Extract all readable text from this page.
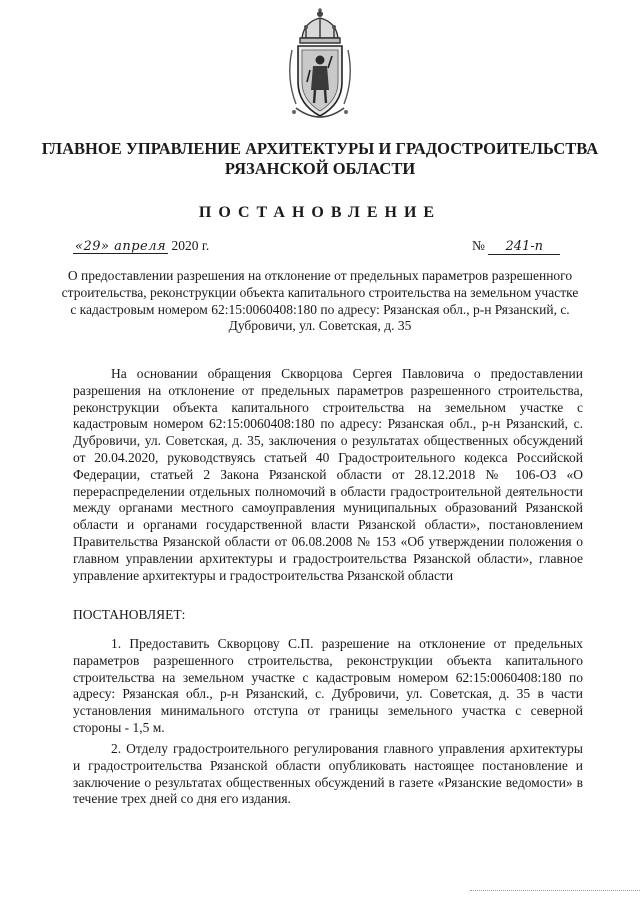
ГЛАВНОЕ УПРАВЛЕНИЕ АРХИТЕКТУРЫ И ГРАДОСТРОИТЕЛЬСТВА РЯЗАНСКОЙ ОБЛАСТИ
ПОСТАНОВЛЕНИЕ
«29» апреля 2020 г.	№ 241-п
О предоставлении разрешения на отклонение от предельных параметров разрешенного строительства, реконструкции объекта капитального строительства на земельном участке с кадастровым номером 62:15:0060408:180 по адресу: Рязанская обл., р-н Рязанский, с. Дубровичи, ул. Советская, д. 35
На основании обращения Скворцова Сергея Павловича о предоставлении разрешения на отклонение от предельных параметров разрешенного строительства, реконструкции объекта капитального строительства на земельном участке с кадастровым номером 62:15:0060408:180 по адресу: Рязанская обл., р-н Рязанский, с. Дубровичи, ул. Советская, д. 35, заключения о результатах общественных обсуждений от 20.04.2020, руководствуясь статьей 40 Градостроительного кодекса Российской Федерации, статьей 2 Закона Рязанской области от 28.12.2018 № 106-ОЗ «О перераспределении отдельных полномочий в области градостроительной деятельности между органами местного самоуправления муниципальных образований Рязанской области и органами государственной власти Рязанской области», постановлением Правительства Рязанской области от 06.08.2008 № 153 «Об утверждении положения о главном управлении архитектуры и градостроительства Рязанской области», главное управление архитектуры и градостроительства Рязанской области
ПОСТАНОВЛЯЕТ:
1. Предоставить Скворцову С.П. разрешение на отклонение от предельных параметров разрешенного строительства, реконструкции объекта капитального строительства на земельном участке с кадастровым номером 62:15:0060408:180 по адресу: Рязанская обл., р-н Рязанский, с. Дубровичи, ул. Советская, д. 35 в части установления минимального отступа от границы земельного участка с северной стороны - 1,5 м.
2. Отделу градостроительного регулирования главного управления архитектуры и градостроительства Рязанской области опубликовать настоящее постановление и заключение о результатах общественных обсуждений в газете «Рязанские ведомости» в течение трех дней со дня его издания.
